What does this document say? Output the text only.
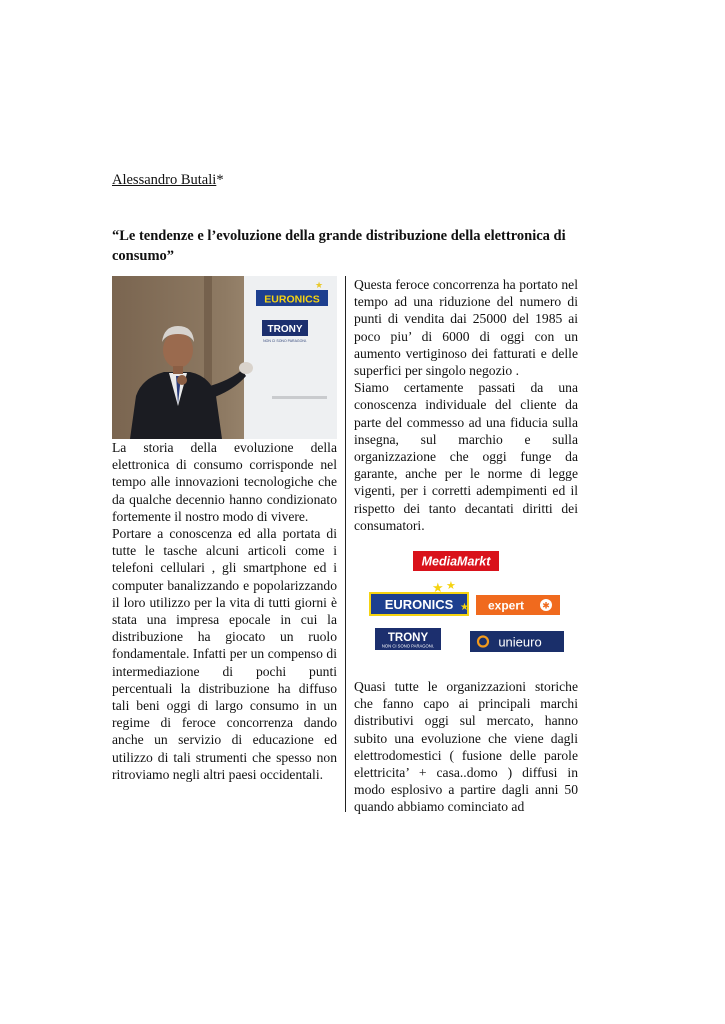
Alessandro Butali*
“Le tendenze e l’evoluzione della grande distribuzione della elettronica di consumo”
EURONICS
★
TRONY
NON CI SONO PARAGONI.

La storia della evoluzione della elettronica di consumo corrisponde nel tempo alle innovazioni tecnologiche che da qualche decennio hanno condizionato fortemente il nostro modo di vivere.

Portare a conoscenza ed alla portata di tutte le tasche alcuni articoli come i telefoni cellulari , gli smartphone ed i computer banalizzando e popolarizzando il loro utilizzo per la vita di tutti giorni è stata una impresa epocale in cui la distribuzione ha giocato un ruolo fondamentale. Infatti per un compenso di intermediazione di pochi punti percentuali la distribuzione ha diffuso tali beni oggi di largo consumo in un regime di feroce concorrenza dando anche un servizio di educazione ed utilizzo di tali strumenti che spesso non ritroviamo negli altri paesi occidentali.

Questa feroce concorrenza ha portato nel tempo ad una riduzione del numero di punti di vendita dai 25000 del 1985 ai poco piu’ di 6000 di oggi con un aumento vertiginoso dei fatturati e delle superfici per singolo negozio .

Siamo certamente passati da una conoscenza individuale del cliente da parte del commesso ad una fiducia sulla insegna, sul marchio e sulla organizzazione che oggi funge da garante, anche per le norme di legge vigenti, per i corretti adempimenti ed il rispetto dei tanto decantati diritti dei consumatori.

MediaMarkt
EURONICS
★ ★
★ expert ✱
TRONY
NON CI SONO PARAGONI.	unieuro

Quasi tutte le organizzazioni storiche che fanno capo ai principali marchi distributivi oggi sul mercato, hanno subito una evoluzione che viene dagli elettrodomestici ( fusione delle parole elettricita’ + casa..domo ) diffusi in modo esplosivo a partire dagli anni 50 quando abbiamo cominciato ad
